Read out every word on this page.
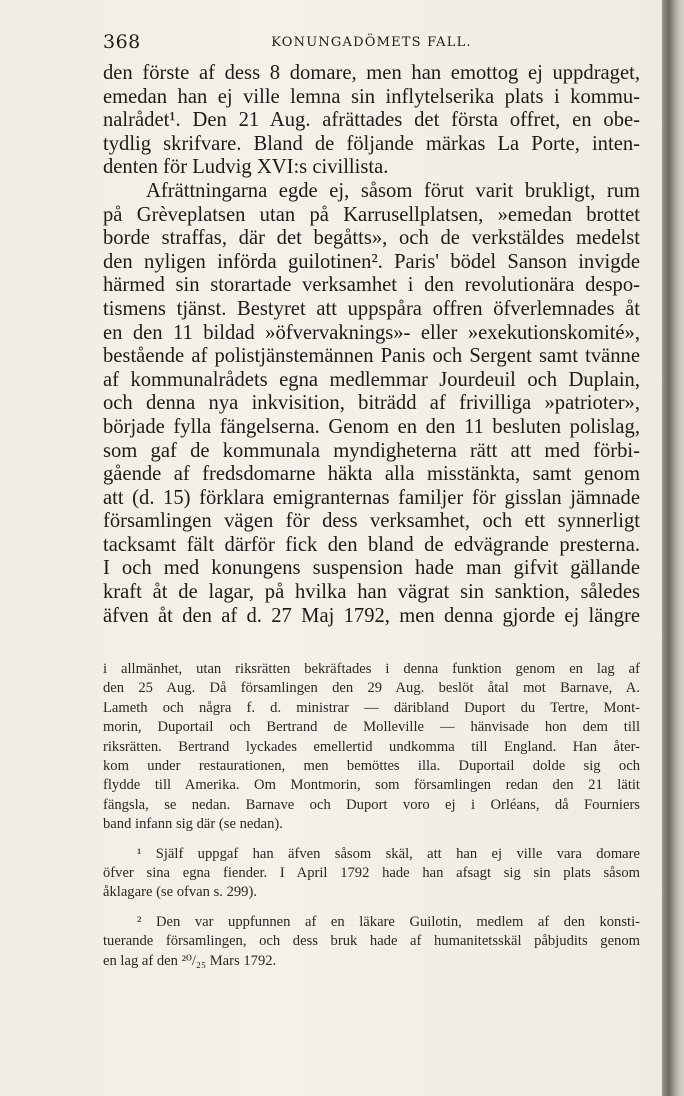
368	KONUNGADÖMETS FALL.
den förste af dess 8 domare, men han emottog ej uppdraget,
emedan han ej ville lemna sin inflytelserika plats i kommu-
nalrådet¹. Den 21 Aug. afrättades det första offret, en obe-
tydlig skrifvare. Bland de följande märkas La Porte, inten-
denten för Ludvig XVI:s civillista.
Afrättningarna egde ej, såsom förut varit brukligt, rum
på Grèveplatsen utan på Karrusellplatsen, »emedan brottet
borde straffas, där det begåtts», och de verkstäldes medelst
den nyligen införda guilotinen². Paris' bödel Sanson invigde
härmed sin storartade verksamhet i den revolutionära despo-
tismens tjänst. Bestyret att uppspåra offren öfverlemnades åt
en den 11 bildad »öfvervaknings»- eller »exekutionskomité»,
bestående af polistjänstemännen Panis och Sergent samt tvänne
af kommunalrådets egna medlemmar Jourdeuil och Duplain,
och denna nya inkvisition, biträdd af frivilliga »patrioter»,
började fylla fängelserna. Genom en den 11 besluten polislag,
som gaf de kommunala myndigheterna rätt att med förbi-
gående af fredsdomarne häkta alla misstänkta, samt genom
att (d. 15) förklara emigranternas familjer för gisslan jämnade
församlingen vägen för dess verksamhet, och ett synnerligt
tacksamt fält därför fick den bland de edvägrande presterna.
I och med konungens suspension hade man gifvit gällande
kraft åt de lagar, på hvilka han vägrat sin sanktion, således
äfven åt den af d. 27 Maj 1792, men denna gjorde ej längre
i allmänhet, utan riksrätten bekräftades i denna funktion genom en lag af
den 25 Aug. Då församlingen den 29 Aug. beslöt åtal mot Barnave, A.
Lameth och några f. d. ministrar — däribland Duport du Tertre, Mont-
morin, Duportail och Bertrand de Molleville — hänvisade hon dem till
riksrätten. Bertrand lyckades emellertid undkomma till England. Han åter-
kom under restaurationen, men bemöttes illa. Duportail dolde sig och
flydde till Amerika. Om Montmorin, som församlingen redan den 21 lätit
fängsla, se nedan. Barnave och Duport voro ej i Orléans, då Fourniers
band infann sig där (se nedan).
¹ Själf uppgaf han äfven såsom skäl, att han ej ville vara domare
öfver sina egna fiender. I April 1792 hade han afsagt sig sin plats såsom
åklagare (se ofvan s. 299).
² Den var uppfunnen af en läkare Guilotin, medlem af den konsti-
tuerande församlingen, och dess bruk hade af humanitetsskäl påbjudits genom
en lag af den ²⁰/₂₅ Mars 1792.
